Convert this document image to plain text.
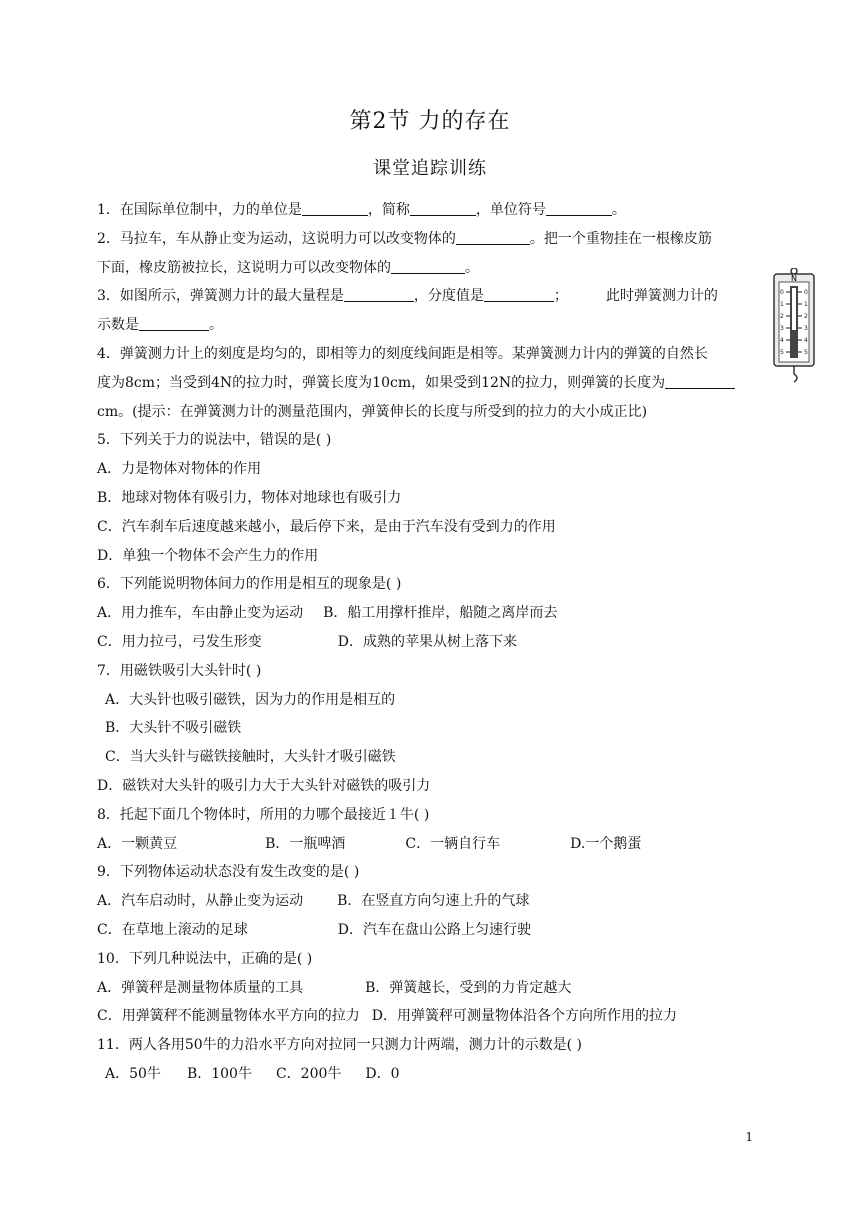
第2节 力的存在
课堂追踪训练
1．在国际单位制中，力的单位是	，简称	，单位符号	。
2．马拉车，车从静止变为运动，这说明力可以改变物体的	。把一个重物挂在一根橡皮筋
下面，橡皮筋被拉长，这说明力可以改变物体的	。
3．如图所示，弹簧测力计的最大量程是	，分度值是	；	此时弹簧测力计的
示数是	。
4．弹簧测力计上的刻度是均匀的，即相等力的刻度线间距是相等。某弹簧测力计内的弹簧的自然长
度为8cm；当受到4N的拉力时，弹簧长度为10cm，如果受到12N的拉力，则弹簧的长度为
cm。(提示：在弹簧测力计的测量范围内，弹簧伸长的长度与所受到的拉力的大小成正比)
5．下列关于力的说法中，错误的是( )
A．力是物体对物体的作用
B．地球对物体有吸引力，物体对地球也有吸引力
C．汽车刹车后速度越来越小，最后停下来，是由于汽车没有受到力的作用
D．单独一个物体不会产生力的作用
6．下列能说明物体间力的作用是相互的现象是( )
A．用力推车，车由静止变为运动 B．船工用撑杆推岸，船随之离岸而去
C．用力拉弓，弓发生形变	D．成熟的苹果从树上落下来
7．用磁铁吸引大头针时( )
A．大头针也吸引磁铁，因为力的作用是相互的
B．大头针不吸引磁铁
C．当大头针与磁铁接触时，大头针才吸引磁铁
D．磁铁对大头针的吸引力大于大头针对磁铁的吸引力
8．托起下面几个物体时，所用的力哪个最接近１牛( )
A．一颗黄豆	B．一瓶啤酒	C．一辆自行车	D.一个鹅蛋
9．下列物体运动状态没有发生改变的是( )
A．汽车启动时，从静止变为运动 B．在竖直方向匀速上升的气球
C．在草地上滚动的足球	D．汽车在盘山公路上匀速行驶
10．下列几种说法中，正确的是( )
A．弹簧秤是测量物体质量的工具	B．弹簧越长，受到的力肯定越大
C．用弹簧秤不能测量物体水平方向的拉力 D．用弹簧秤可测量物体沿各个方向所作用的拉力
11．两人各用50牛的力沿水平方向对拉同一只测力计两端，测力计的示数是( )
A．50牛 B．100牛 C．200牛 D．0
N
0
1
2
3
4
5
0
1
2
3
4
5
1
